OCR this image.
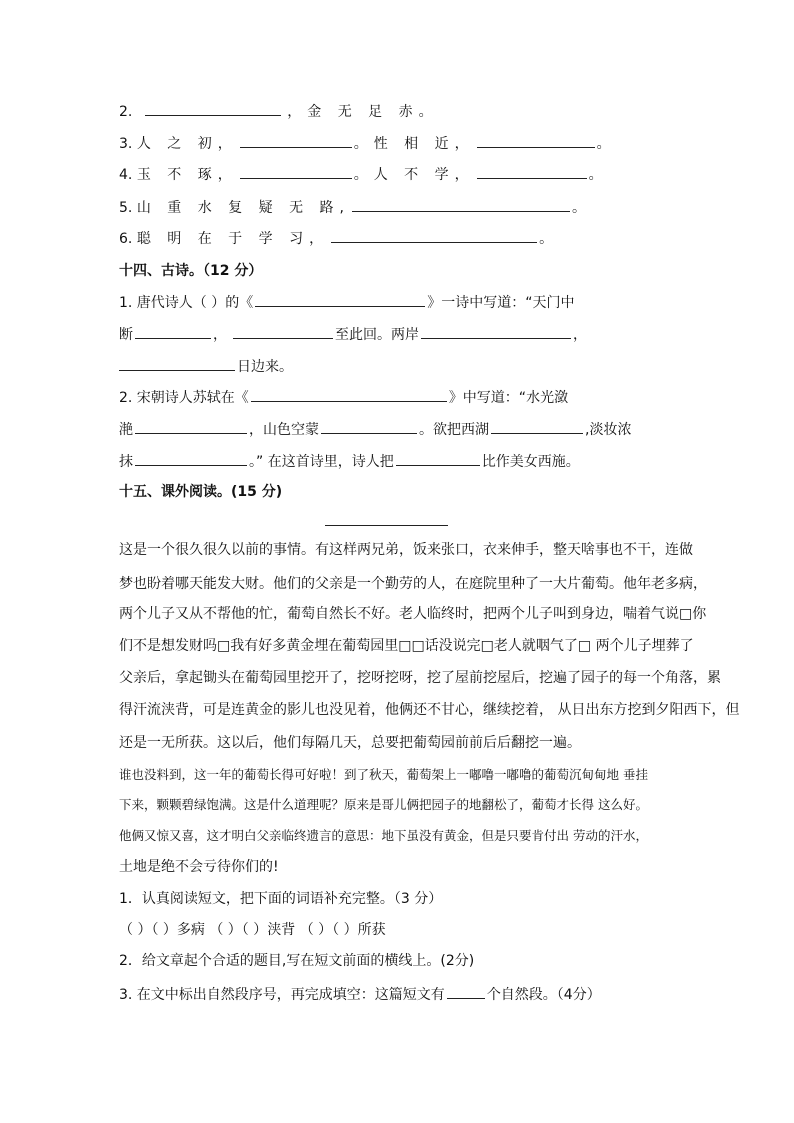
2.	，金 无 足 赤。
3. 人 之 初，	。性 相 近，	。
4. 玉 不 琢，	。人 不 学，	。
5. 山 重 水 复 疑 无 路,	。
6. 聪 明 在 于 学 习，	。
十四、古诗。（12 分）
1. 唐代诗人（ ）的《	》一诗中写道：“天门中
断	，	至此回。两岸	，
日边来。
2. 宋朝诗人苏轼在《	》中写道：“水光潋
滟	，山色空蒙	。欲把西湖	,淡妆浓
抹	。” 在这首诗里，诗人把	比作美女西施。
十五、课外阅读。(15 分)
这是一个很久很久以前的事情。有这样两兄弟，饭来张口，衣来伸手，整天啥事也不干，连做
梦也盼着哪天能发大财。他们的父亲是一个勤劳的人，在庭院里种了一大片葡萄。他年老多病，
两个儿子又从不帮他的忙，葡萄自然长不好。老人临终时，把两个儿子叫到身边，喘着气说□你
们不是想发财吗□我有好多黄金埋在葡萄园里□□话没说完□老人就咽气了□ 两个儿子埋葬了
父亲后，拿起锄头在葡萄园里挖开了，挖呀挖呀，挖了屋前挖屋后，挖遍了园子的每一个角落，累
得汗流浃背，可是连黄金的影儿也没见着，他俩还不甘心，继续挖着， 从日出东方挖到夕阳西下，但
还是一无所获。这以后，他们每隔几天，总要把葡萄园前前后后翻挖一遍。
谁也没料到，这一年的葡萄长得可好啦！到了秋天，葡萄架上一嘟噜一嘟噜的葡萄沉甸甸地 垂挂
下来，颗颗碧绿饱满。这是什么道理呢？原来是哥儿俩把园子的地翻松了，葡萄才长得 这么好。
他俩又惊又喜，这才明白父亲临终遗言的意思：地下虽没有黄金，但是只要肯付出 劳动的汗水，
土地是绝不会亏待你们的!
1．认真阅读短文，把下面的词语补充完整。（3 分）
（ ）（ ）多病 （ ）（ ）浃背 （ ）（ ）所获
2．给文章起个合适的题目,写在短文前面的横线上。(2分)
3. 在文中标出自然段序号，再完成填空：这篇短文有	个自然段。（4分）
